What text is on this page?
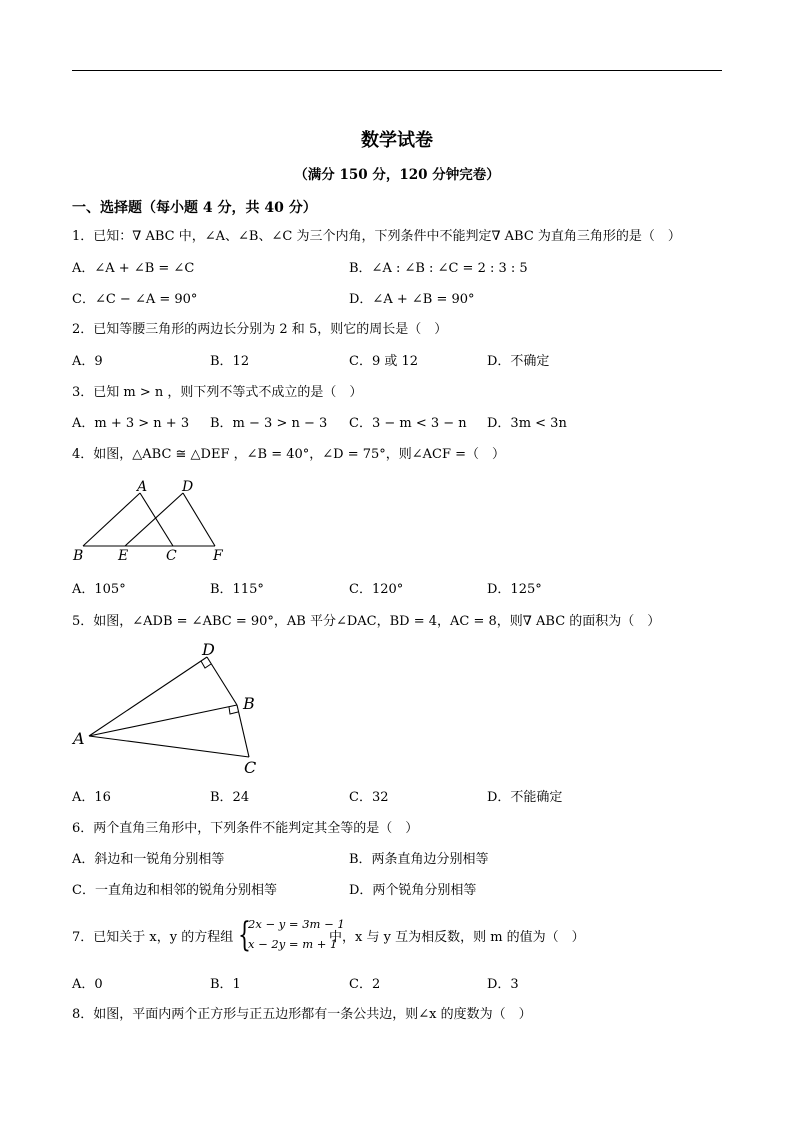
数学试卷
（满分 150 分，120 分钟完卷）
一、选择题（每小题 4 分，共 40 分）
1．已知：∇ ABC 中，∠A、∠B、∠C 为三个内角，下列条件中不能判定∇ ABC 为直角三角形的是（　）
A．∠A + ∠B = ∠C	B．∠A : ∠B : ∠C = 2 : 3 : 5
C．∠C − ∠A = 90°	D．∠A + ∠B = 90°
2．已知等腰三角形的两边长分别为 2 和 5，则它的周长是（　）
A．9	B．12	C．9 或 12	D．不确定
3．已知 m > n ，则下列不等式不成立的是（　）
A．m + 3 > n + 3 B．m − 3 > n − 3 C．3 − m < 3 − n D．3m < 3n
4．如图，△ABC ≅ △DEF ，∠B = 40°，∠D = 75°，则∠ACF =（　）
A D
B E	C	F
A．105°	B．115°	C．120°	D．125°
5．如图，∠ADB = ∠ABC = 90°，AB 平分∠DAC，BD = 4，AC = 8，则∇ ABC 的面积为（　）
D
B
A
C
A．16	B．24	C．32	D．不能确定
6．两个直角三角形中，下列条件不能判定其全等的是（　）
A．斜边和一锐角分别相等	B．两条直角边分别相等
C．一直角边和相邻的锐角分别相等	D．两个锐角分别相等
7．已知关于 x，y 的方程组 {
2x − y = 3m − 1
x − 2y = m + 1
中，x 与 y 互为相反数，则 m 的值为（　）
A．0	B．1	C．2	D．3
8．如图，平面内两个正方形与正五边形都有一条公共边，则∠x 的度数为（　）
